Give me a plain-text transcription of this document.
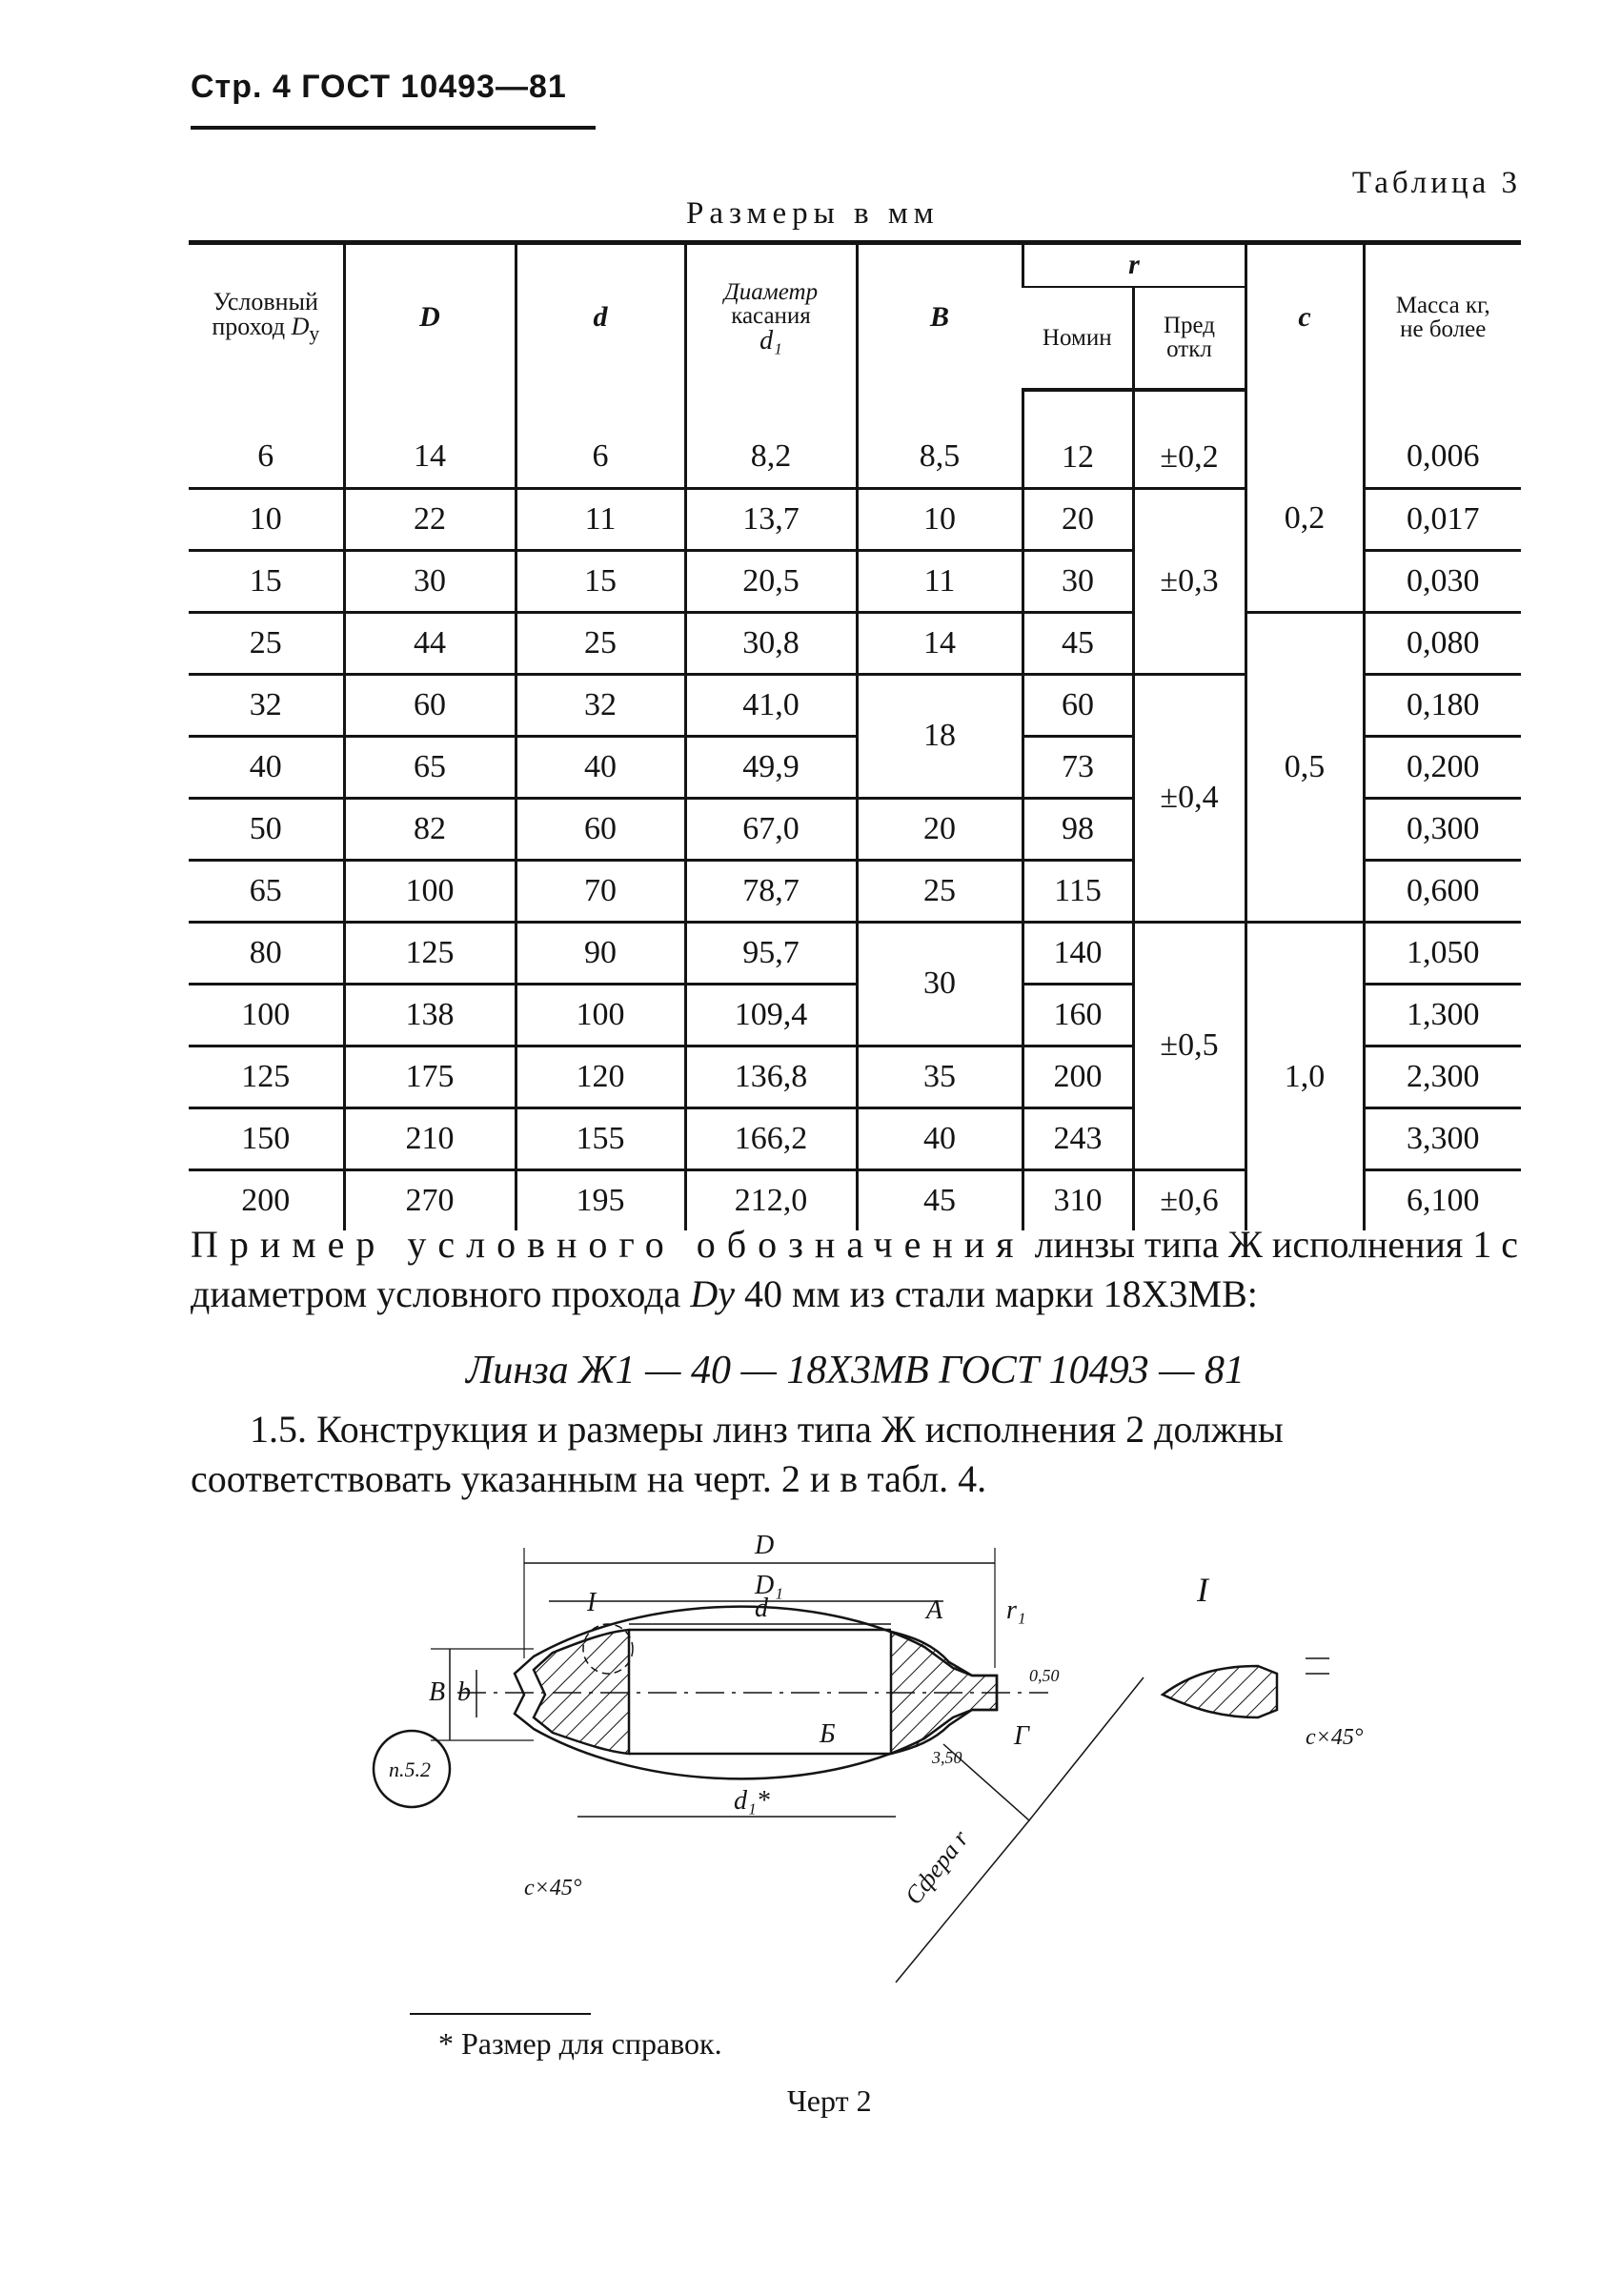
Стр. 4 ГОСТ 10493—81
Таблица 3
Размеры в мм
Условный
проход $D_у$	D	d	Диаметр
касания
d₁	B	r		c	Масса кг,
не более
					Номин	Пред
откл		
6	14	6	8,2	8,5	12	±0,2	0,2	0,006
10	22	11	13,7	10	20	±0,3		0,017
15	30	15	20,5	11	30			0,030
25	44	25	30,8	14	45		0,5	0,080
32	60	32	41,0	18	60	±0,4		0,180
40	65	40	49,9		73			0,200
50	82	60	67,0	20	98			0,300
65	100	70	78,7	25	115			0,600
80	125	90	95,7	30	140	±0,5	1,0	1,050
100	138	100	109,4		160			1,300
125	175	120	136,8	35	200			2,300
150	210	155	166,2	40	243			3,300
200	270	195	212,0	45	310	±0,6		6,100
Пример условного обозначения линзы типа Ж исполнения 1 с диаметром условного прохода Dy 40 мм из стали марки 18Х3МВ:
Линза Ж1 — 40 — 18Х3МВ ГОСТ 10493 — 81
1.5. Конструкция и размеры линз типа Ж исполнения 2 должны соответствовать указанным на черт. 2 и в табл. 4.
D
D₁
d
d₁*
B b
r₁
A
Б	Г
I	I
0,50
3,50
c×45°
c×45°
Сфера r
п.5.2
* Размер для справок.
Черт 2
